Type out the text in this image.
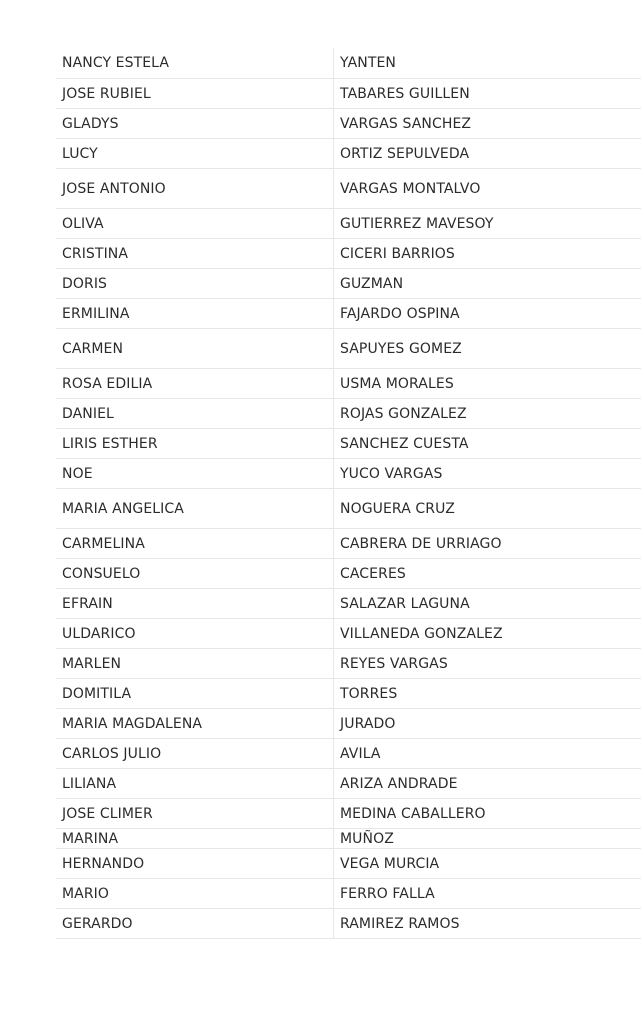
NANCY ESTELA	YANTEN
JOSE RUBIEL	TABARES GUILLEN
GLADYS	VARGAS SANCHEZ
LUCY	ORTIZ SEPULVEDA
JOSE ANTONIO	VARGAS MONTALVO
OLIVA	GUTIERREZ MAVESOY
CRISTINA	CICERI BARRIOS
DORIS	GUZMAN
ERMILINA	FAJARDO OSPINA
CARMEN	SAPUYES GOMEZ
ROSA EDILIA	USMA MORALES
DANIEL	ROJAS GONZALEZ
LIRIS ESTHER	SANCHEZ CUESTA
NOE	YUCO VARGAS
MARIA ANGELICA	NOGUERA CRUZ
CARMELINA	CABRERA DE URRIAGO
CONSUELO	CACERES
EFRAIN	SALAZAR LAGUNA
ULDARICO	VILLANEDA GONZALEZ
MARLEN	REYES VARGAS
DOMITILA	TORRES
MARIA MAGDALENA	JURADO
CARLOS JULIO	AVILA
LILIANA	ARIZA ANDRADE
JOSE CLIMER	MEDINA CABALLERO
MARINA	MUÑOZ
HERNANDO	VEGA MURCIA
MARIO	FERRO FALLA
GERARDO	RAMIREZ RAMOS
